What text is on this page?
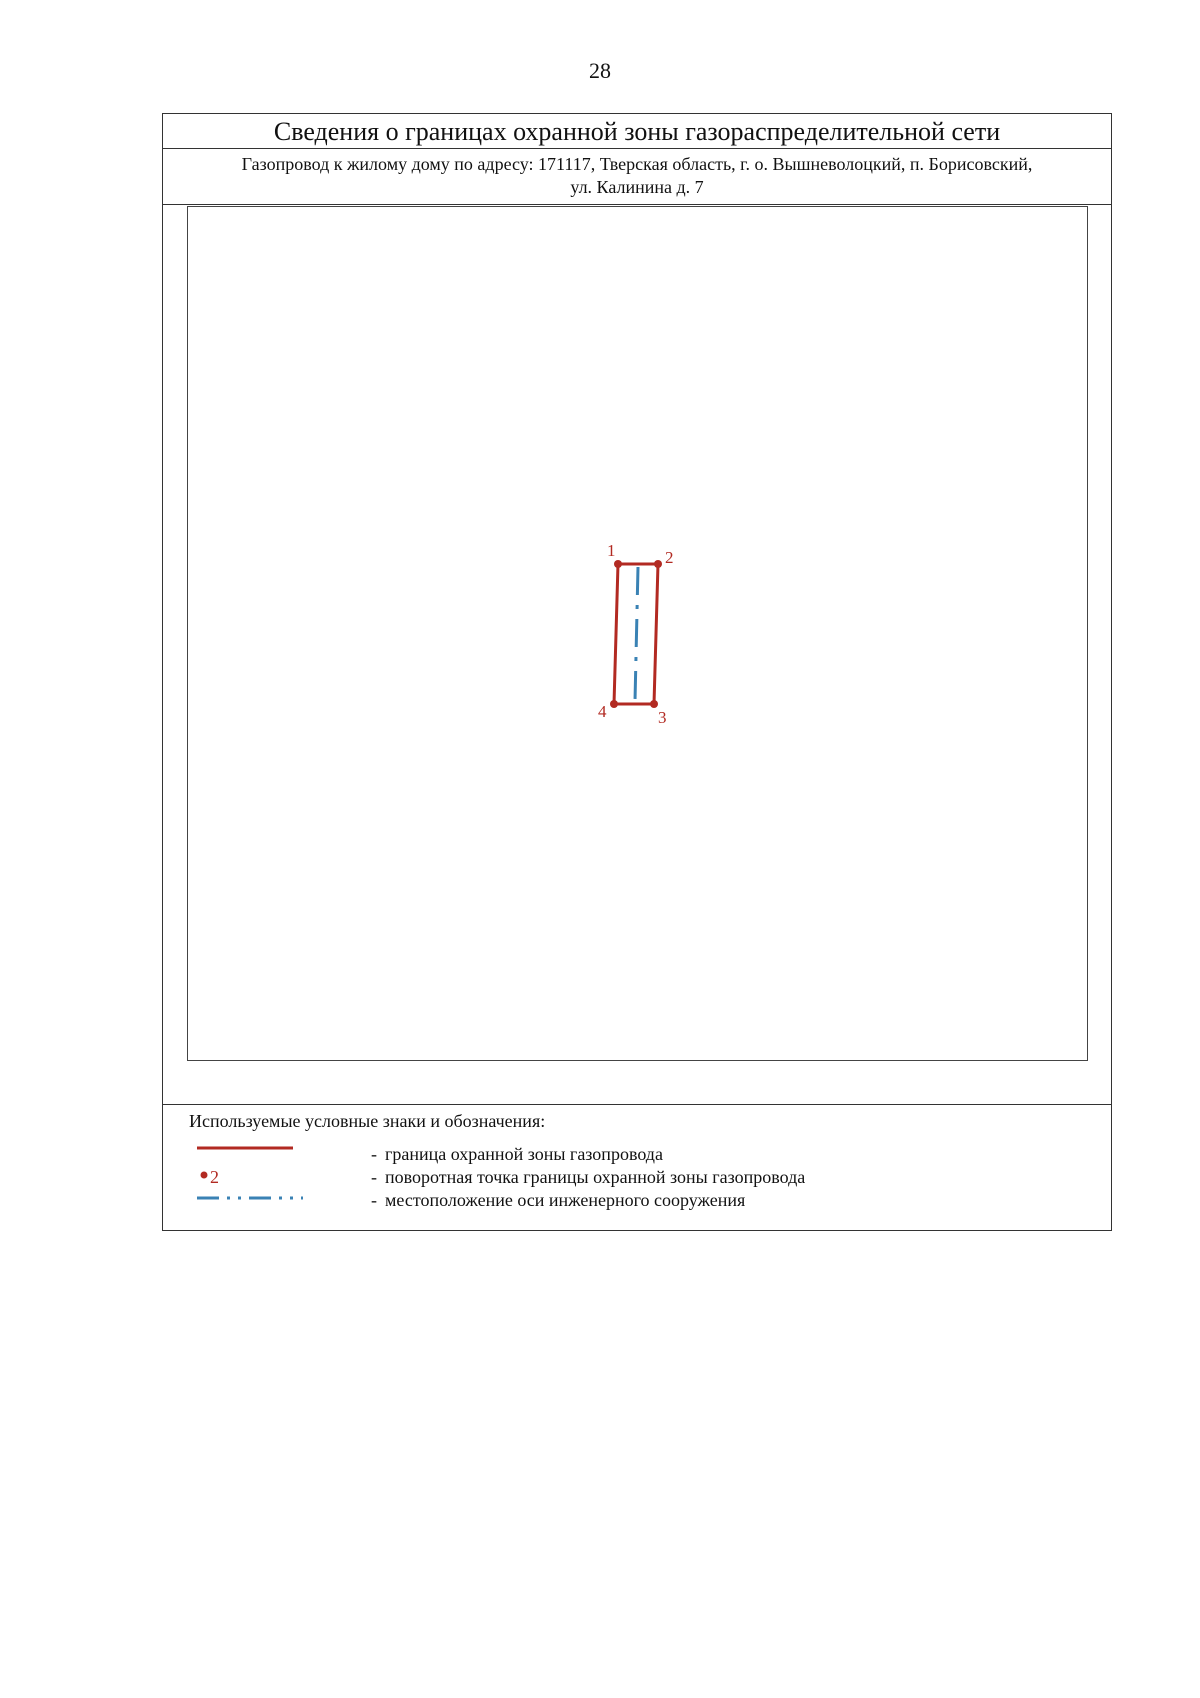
28
Сведения о границах охранной зоны газораспределительной сети
Газопровод к жилому дому по адресу: 171117, Тверская область, г. о. Вышневолоцкий, п. Борисовский,
ул. Калинина д. 7
1	2
3
4
Используемые условные знаки и обозначения:
- граница охранной зоны газопровода
2	- поворотная точка границы охранной зоны газопровода
- местоположение оси инженерного сооружения
